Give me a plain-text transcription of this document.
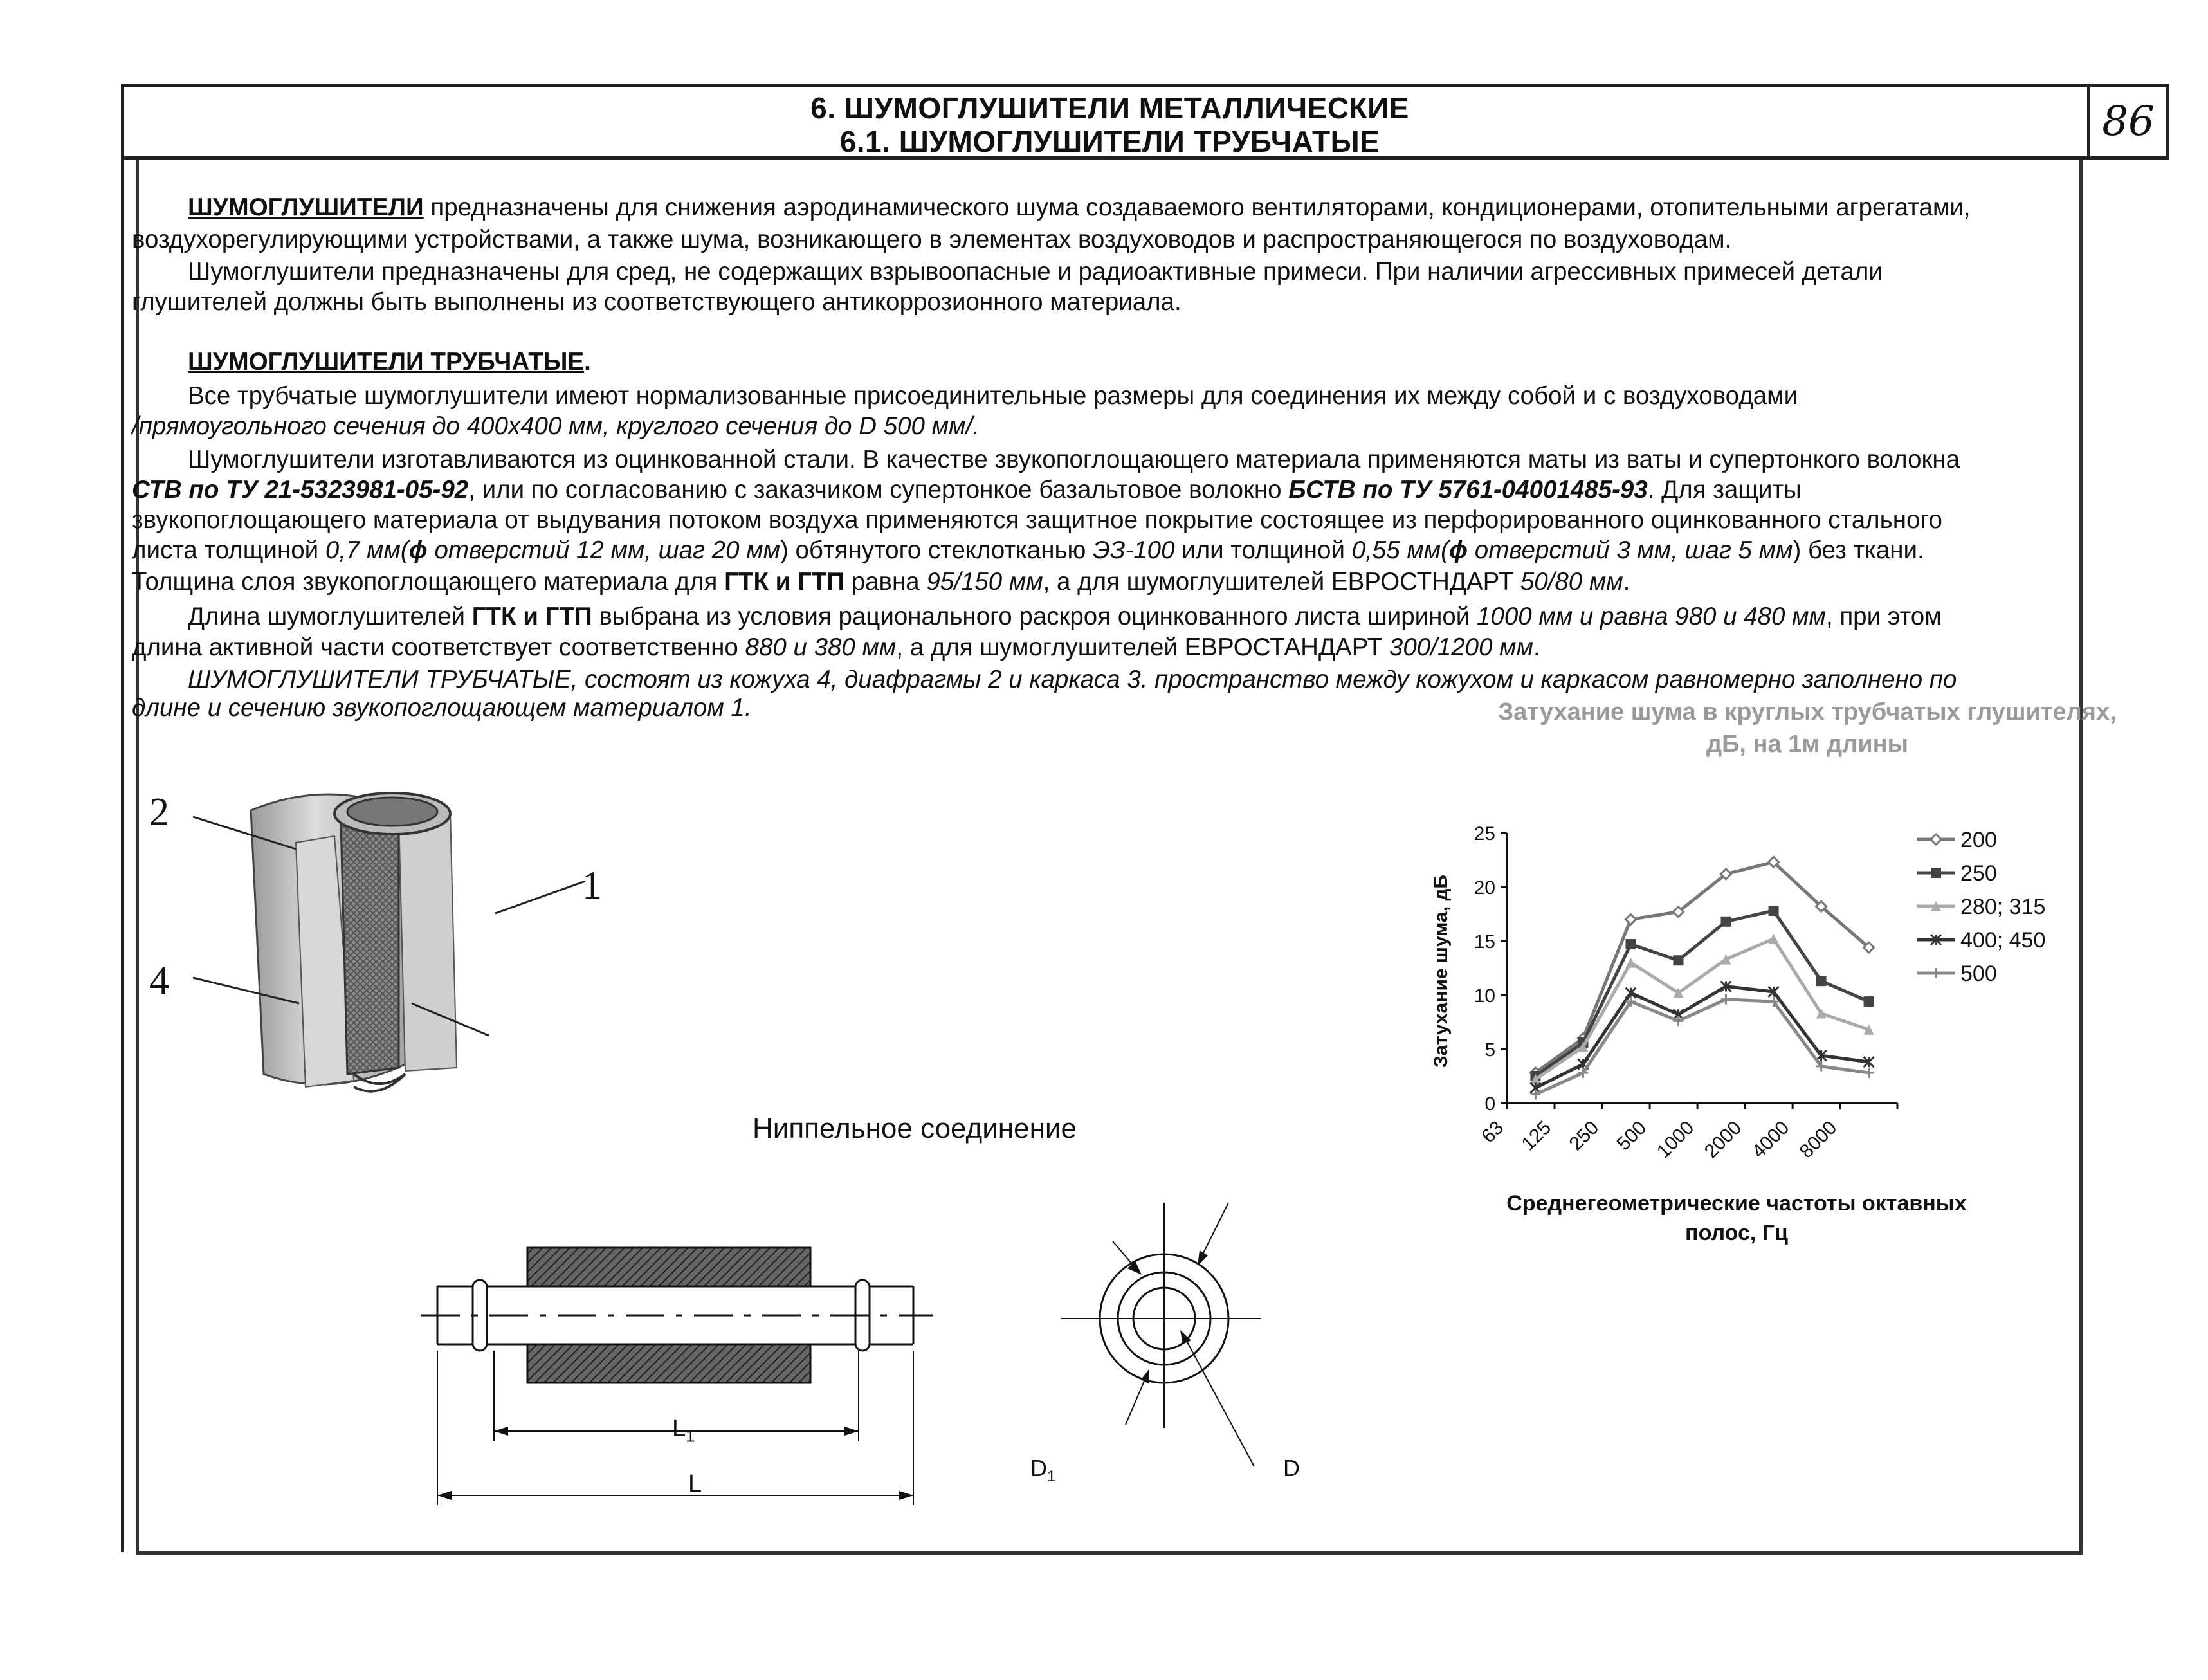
6. ШУМОГЛУШИТЕЛИ МЕТАЛЛИЧЕСКИЕ
6.1. ШУМОГЛУШИТЕЛИ ТРУБЧАТЫЕ	86
ШУМОГЛУШИТЕЛИ предназначены для снижения аэродинамического шума создаваемого вентиляторами, кондиционерами, отопительными агрегатами,
воздухорегулирующими устройствами, а также шума, возникающего в элементах воздуховодов и распространяющегося по воздуховодам.
Шумоглушители предназначены для сред, не содержащих взрывоопасные и радиоактивные примеси. При наличии агрессивных примесей детали
глушителей должны быть выполнены из соответствующего антикоррозионного материала.
ШУМОГЛУШИТЕЛИ ТРУБЧАТЫЕ.
Все трубчатые шумоглушители имеют нормализованные присоединительные размеры для соединения их между собой и с воздуховодами
/прямоугольного сечения до 400х400 мм, круглого сечения до D 500 мм/.
Шумоглушители изготавливаются из оцинкованной стали. В качестве звукопоглощающего материала применяются маты из ваты и супертонкого волокна
СТВ по ТУ 21-5323981-05-92, или по согласованию с заказчиком супертонкое базальтовое волокно БСТВ по ТУ 5761-04001485-93. Для защиты
звукопоглощающего материала от выдувания потоком воздуха применяются защитное покрытие состоящее из перфорированного оцинкованного стального
листа толщиной 0,7 мм(ϕ отверстий 12 мм, шаг 20 мм) обтянутого стеклотканью ЭЗ-100 или толщиной 0,55 мм(ϕ отверстий 3 мм, шаг 5 мм) без ткани.
Толщина слоя звукопоглощающего материала для ГТК и ГТП равна 95/150 мм, а для шумоглушителей ЕВРОСТНДАРТ 50/80 мм.
Длина шумоглушителей ГТК и ГТП выбрана из условия рационального раскроя оцинкованного листа шириной 1000 мм и равна 980 и 480 мм, при этом
длина активной части соответствует соответственно 880 и 380 мм, а для шумоглушителей ЕВРОСТАНДАРТ 300/1200 мм.
ШУМОГЛУШИТЕЛИ ТРУБЧАТЫЕ, состоят из кожуха 4, диафрагмы 2 и каркаса 3. пространство между кожухом и каркасом равномерно заполнено по
длине и сечению звукопоглощающем материалом 1.
2
1
4
Ниппельное соединение
$L_1$
L
$D_1$	D
Затухание шума в круглых трубчатых глушителях,
дБ, на 1м длины
Затухание шума, дБ
0
5
10
15
20
25
63 125 250 500 1000 2000 4000 8000
200
250
280; 315
400; 450
500
Среднегеометрические частоты октавных
полос, Гц
